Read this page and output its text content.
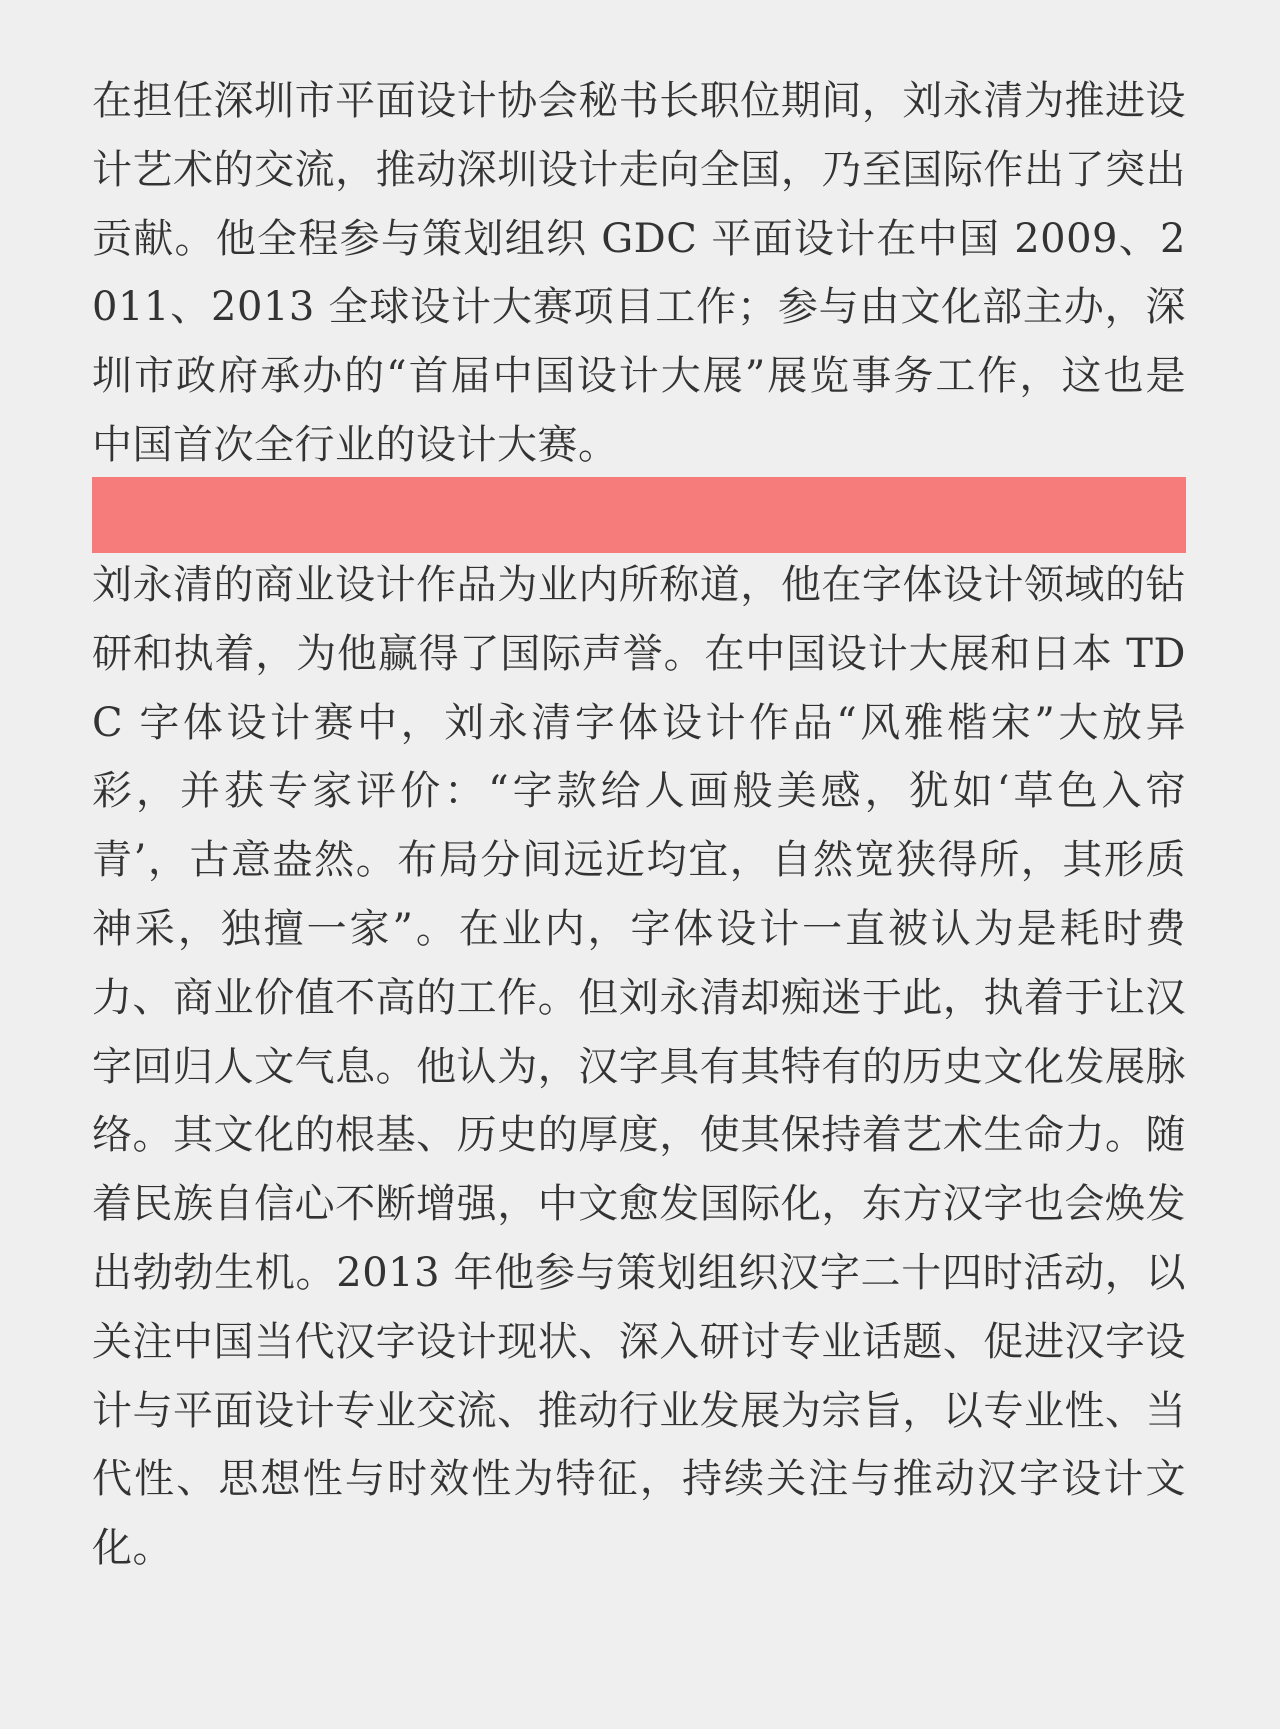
在担任深圳市平面设计协会秘书长职位期间，刘永清为推进设计艺术的交流，推动深圳设计走向全国，乃至国际作出了突出贡献。他全程参与策划组织 GDC 平面设计在中国 2009、2011、2013 全球设计大赛项目工作；参与由文化部主办，深圳市政府承办的“首届中国设计大展”展览事务工作，这也是中国首次全行业的设计大赛。

刘永清的商业设计作品为业内所称道，他在字体设计领域的钻研和执着，为他赢得了国际声誉。在中国设计大展和日本 TDC 字体设计赛中，刘永清字体设计作品“风雅楷宋”大放异彩，并获专家评价：“字款给人画般美感，犹如‘草色入帘青’，古意盎然。布局分间远近均宜，自然宽狭得所，其形质神采，独擅一家”。在业内，字体设计一直被认为是耗时费力、商业价值不高的工作。但刘永清却痴迷于此，执着于让汉字回归人文气息。他认为，汉字具有其特有的历史文化发展脉络。其文化的根基、历史的厚度，使其保持着艺术生命力。随着民族自信心不断增强，中文愈发国际化，东方汉字也会焕发出勃勃生机。2013 年他参与策划组织汉字二十四时活动，以关注中国当代汉字设计现状、深入研讨专业话题、促进汉字设计与平面设计专业交流、推动行业发展为宗旨，以专业性、当代性、思想性与时效性为特征，持续关注与推动汉字设计文化。
